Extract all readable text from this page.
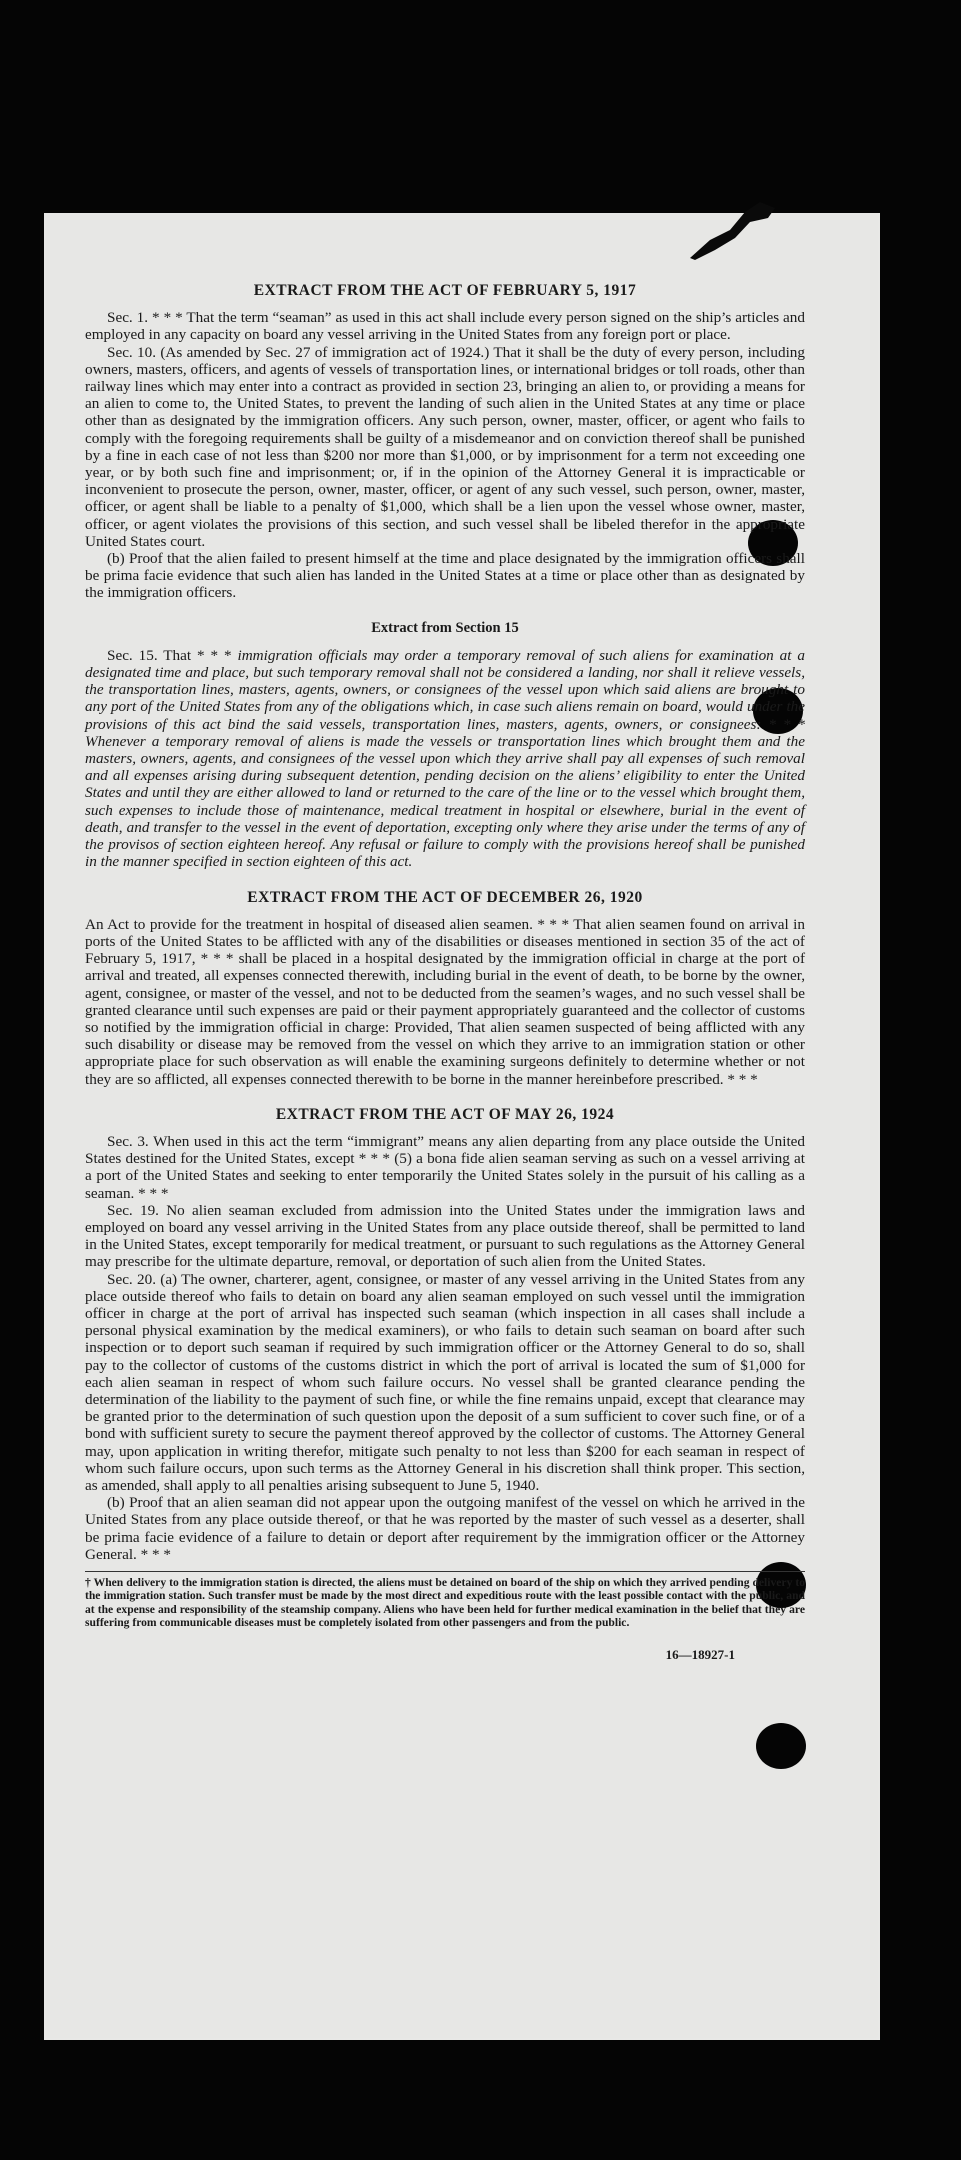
EXTRACT FROM THE ACT OF FEBRUARY 5, 1917

Sec. 1. * * * That the term “seaman” as used in this act shall include every person signed on the ship’s articles and employed in any capacity on board any vessel arriving in the United States from any foreign port or place.

Sec. 10. (As amended by Sec. 27 of immigration act of 1924.) That it shall be the duty of every person, including owners, masters, officers, and agents of vessels of transportation lines, or international bridges or toll roads, other than railway lines which may enter into a contract as provided in section 23, bringing an alien to, or providing a means for an alien to come to, the United States, to prevent the landing of such alien in the United States at any time or place other than as designated by the immigration officers. Any such person, owner, master, officer, or agent who fails to comply with the foregoing requirements shall be guilty of a misdemeanor and on conviction thereof shall be punished by a fine in each case of not less than $200 nor more than $1,000, or by imprisonment for a term not exceeding one year, or by both such fine and imprisonment; or, if in the opinion of the Attorney General it is impracticable or inconvenient to prosecute the person, owner, master, officer, or agent of any such vessel, such person, owner, master, officer, or agent shall be liable to a penalty of $1,000, which shall be a lien upon the vessel whose owner, master, officer, or agent violates the provisions of this section, and such vessel shall be libeled therefor in the appropriate United States court.

(b) Proof that the alien failed to present himself at the time and place designated by the immigration officers shall be prima facie evidence that such alien has landed in the United States at a time or place other than as designated by the immigration officers.

Extract from Section 15

Sec. 15. That * * * immigration officials may order a temporary removal of such aliens for examination at a designated time and place, but such temporary removal shall not be considered a landing, nor shall it relieve vessels, the transportation lines, masters, agents, owners, or consignees of the vessel upon which said aliens are brought to any port of the United States from any of the obligations which, in case such aliens remain on board, would under the provisions of this act bind the said vessels, transportation lines, masters, agents, owners, or consignees: * * * Whenever a temporary removal of aliens is made the vessels or transportation lines which brought them and the masters, owners, agents, and consignees of the vessel upon which they arrive shall pay all expenses of such removal and all expenses arising during subsequent detention, pending decision on the aliens’ eligibility to enter the United States and until they are either allowed to land or returned to the care of the line or to the vessel which brought them, such expenses to include those of maintenance, medical treatment in hospital or elsewhere, burial in the event of death, and transfer to the vessel in the event of deportation, excepting only where they arise under the terms of any of the provisos of section eighteen hereof. Any refusal or failure to comply with the provisions hereof shall be punished in the manner specified in section eighteen of this act.

EXTRACT FROM THE ACT OF DECEMBER 26, 1920

An Act to provide for the treatment in hospital of diseased alien seamen. * * * That alien seamen found on arrival in ports of the United States to be afflicted with any of the disabilities or diseases mentioned in section 35 of the act of February 5, 1917, * * * shall be placed in a hospital designated by the immigration official in charge at the port of arrival and treated, all expenses connected therewith, including burial in the event of death, to be borne by the owner, agent, consignee, or master of the vessel, and not to be deducted from the seamen’s wages, and no such vessel shall be granted clearance until such expenses are paid or their payment appropriately guaranteed and the collector of customs so notified by the immigration official in charge: Provided, That alien seamen suspected of being afflicted with any such disability or disease may be removed from the vessel on which they arrive to an immigration station or other appropriate place for such observation as will enable the examining surgeons definitely to determine whether or not they are so afflicted, all expenses connected therewith to be borne in the manner hereinbefore prescribed. * * *

EXTRACT FROM THE ACT OF MAY 26, 1924

Sec. 3. When used in this act the term “immigrant” means any alien departing from any place outside the United States destined for the United States, except * * * (5) a bona fide alien seaman serving as such on a vessel arriving at a port of the United States and seeking to enter temporarily the United States solely in the pursuit of his calling as a seaman. * * *

Sec. 19. No alien seaman excluded from admission into the United States under the immigration laws and employed on board any vessel arriving in the United States from any place outside thereof, shall be permitted to land in the United States, except temporarily for medical treatment, or pursuant to such regulations as the Attorney General may prescribe for the ultimate departure, removal, or deportation of such alien from the United States.

Sec. 20. (a) The owner, charterer, agent, consignee, or master of any vessel arriving in the United States from any place outside thereof who fails to detain on board any alien seaman employed on such vessel until the immigration officer in charge at the port of arrival has inspected such seaman (which inspection in all cases shall include a personal physical examination by the medical examiners), or who fails to detain such seaman on board after such inspection or to deport such seaman if required by such immigration officer or the Attorney General to do so, shall pay to the collector of customs of the customs district in which the port of arrival is located the sum of $1,000 for each alien seaman in respect of whom such failure occurs. No vessel shall be granted clearance pending the determination of the liability to the payment of such fine, or while the fine remains unpaid, except that clearance may be granted prior to the determination of such question upon the deposit of a sum sufficient to cover such fine, or of a bond with sufficient surety to secure the payment thereof approved by the collector of customs. The Attorney General may, upon application in writing therefor, mitigate such penalty to not less than $200 for each seaman in respect of whom such failure occurs, upon such terms as the Attorney General in his discretion shall think proper. This section, as amended, shall apply to all penalties arising subsequent to June 5, 1940.

(b) Proof that an alien seaman did not appear upon the outgoing manifest of the vessel on which he arrived in the United States from any place outside thereof, or that he was reported by the master of such vessel as a deserter, shall be prima facie evidence of a failure to detain or deport after requirement by the immigration officer or the Attorney General. * * *

† When delivery to the immigration station is directed, the aliens must be detained on board of the ship on which they arrived pending delivery to the immigration station. Such transfer must be made by the most direct and expeditious route with the least possible contact with the public, and at the expense and responsibility of the steamship company. Aliens who have been held for further medical examination in the belief that they are suffering from communicable diseases must be completely isolated from other passengers and from the public.
16—18927-1
